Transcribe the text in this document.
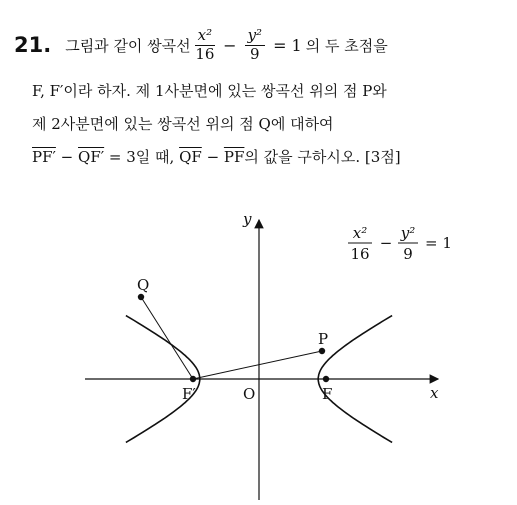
21. 그림과 같이 쌍곡선 $\frac{\text{x²}}{16} - \frac{\text{y²}}{9} = 1$ 의 두 초점을
F, F′이라 하자. 제 1사분면에 있는 쌍곡선 위의 점 P와
제 2사분면에 있는 쌍곡선 위의 점 Q에 대하여
PF′ − QF′ = 3일 때, $\overline{QF} - \overline{PF}$의 값을 구하시오. [3점]
Q
P
F′	F
O	x
y
x²
16
−
y²
9
= 1
